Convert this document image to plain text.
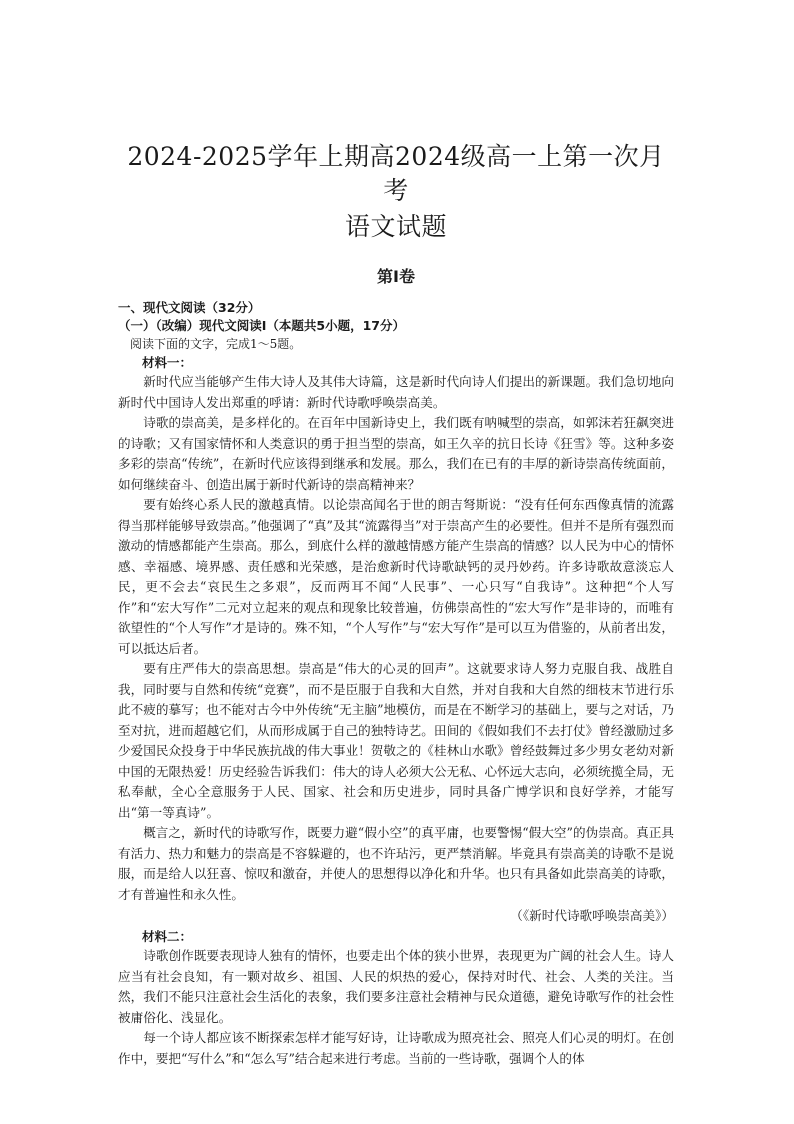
2024-2025学年上期高2024级高一上第一次月考
语文试题
第Ⅰ卷

一、现代文阅读（32分）

（一）（改编）现代文阅读Ⅰ（本题共5小题，17分）

阅读下面的文字，完成1～5题。

材料一：

新时代应当能够产生伟大诗人及其伟大诗篇，这是新时代向诗人们提出的新课题。我们急切地向新时代中国诗人发出郑重的呼请：新时代诗歌呼唤崇高美。

诗歌的崇高美，是多样化的。在百年中国新诗史上，我们既有呐喊型的崇高，如郭沫若狂飙突进的诗歌；又有国家情怀和人类意识的勇于担当型的崇高，如王久辛的抗日长诗《狂雪》等。这种多姿多彩的崇高“传统”，在新时代应该得到继承和发展。那么，我们在已有的丰厚的新诗崇高传统面前，如何继续奋斗、创造出属于新时代新诗的崇高精神来？

要有始终心系人民的激越真情。以论崇高闻名于世的朗吉弩斯说：“没有任何东西像真情的流露得当那样能够导致崇高。”他强调了“真”及其“流露得当”对于崇高产生的必要性。但并不是所有强烈而激动的情感都能产生崇高。那么，到底什么样的激越情感方能产生崇高的情感？以人民为中心的情怀感、幸福感、境界感、责任感和光荣感，是治愈新时代诗歌缺钙的灵丹妙药。许多诗歌故意淡忘人民，更不会去“哀民生之多艰”，反而两耳不闻“人民事”、一心只写“自我诗”。这种把“个人写作”和“宏大写作”二元对立起来的观点和现象比较普遍，仿佛崇高性的“宏大写作”是非诗的，而唯有欲望性的“个人写作”才是诗的。殊不知，“个人写作”与“宏大写作”是可以互为借鉴的，从前者出发，可以抵达后者。

要有庄严伟大的崇高思想。崇高是“伟大的心灵的回声”。这就要求诗人努力克服自我、战胜自我，同时要与自然和传统“竞赛”，而不是臣服于自我和大自然，并对自我和大自然的细枝末节进行乐此不疲的摹写；也不能对古今中外传统“无主脑”地模仿，而是在不断学习的基础上，要与之对话，乃至对抗，进而超越它们，从而形成属于自己的独特诗艺。田间的《假如我们不去打仗》曾经激励过多少爱国民众投身于中华民族抗战的伟大事业！贺敬之的《桂林山水歌》曾经鼓舞过多少男女老幼对新中国的无限热爱！历史经验告诉我们：伟大的诗人必须大公无私、心怀远大志向，必须统揽全局，无私奉献，全心全意服务于人民、国家、社会和历史进步，同时具备广博学识和良好学养，才能写出“第一等真诗”。

概言之，新时代的诗歌写作，既要力避“假小空”的真平庸，也要警惕“假大空”的伪崇高。真正具有活力、热力和魅力的崇高是不容躲避的，也不许玷污，更严禁消解。毕竟具有崇高美的诗歌不是说服，而是给人以狂喜、惊叹和激奋，并使人的思想得以净化和升华。也只有具备如此崇高美的诗歌，才有普遍性和永久性。

（《新时代诗歌呼唤崇高美》）

材料二：

诗歌创作既要表现诗人独有的情怀，也要走出个体的狭小世界，表现更为广阔的社会人生。诗人应当有社会良知，有一颗对故乡、祖国、人民的炽热的爱心，保持对时代、社会、人类的关注。当然，我们不能只注意社会生活化的表象，我们要多注意社会精神与民众道德，避免诗歌写作的社会性被庸俗化、浅显化。

每一个诗人都应该不断探索怎样才能写好诗，让诗歌成为照亮社会、照亮人们心灵的明灯。在创作中，要把“写什么”和“怎么写”结合起来进行考虑。当前的一些诗歌，强调个人的体
